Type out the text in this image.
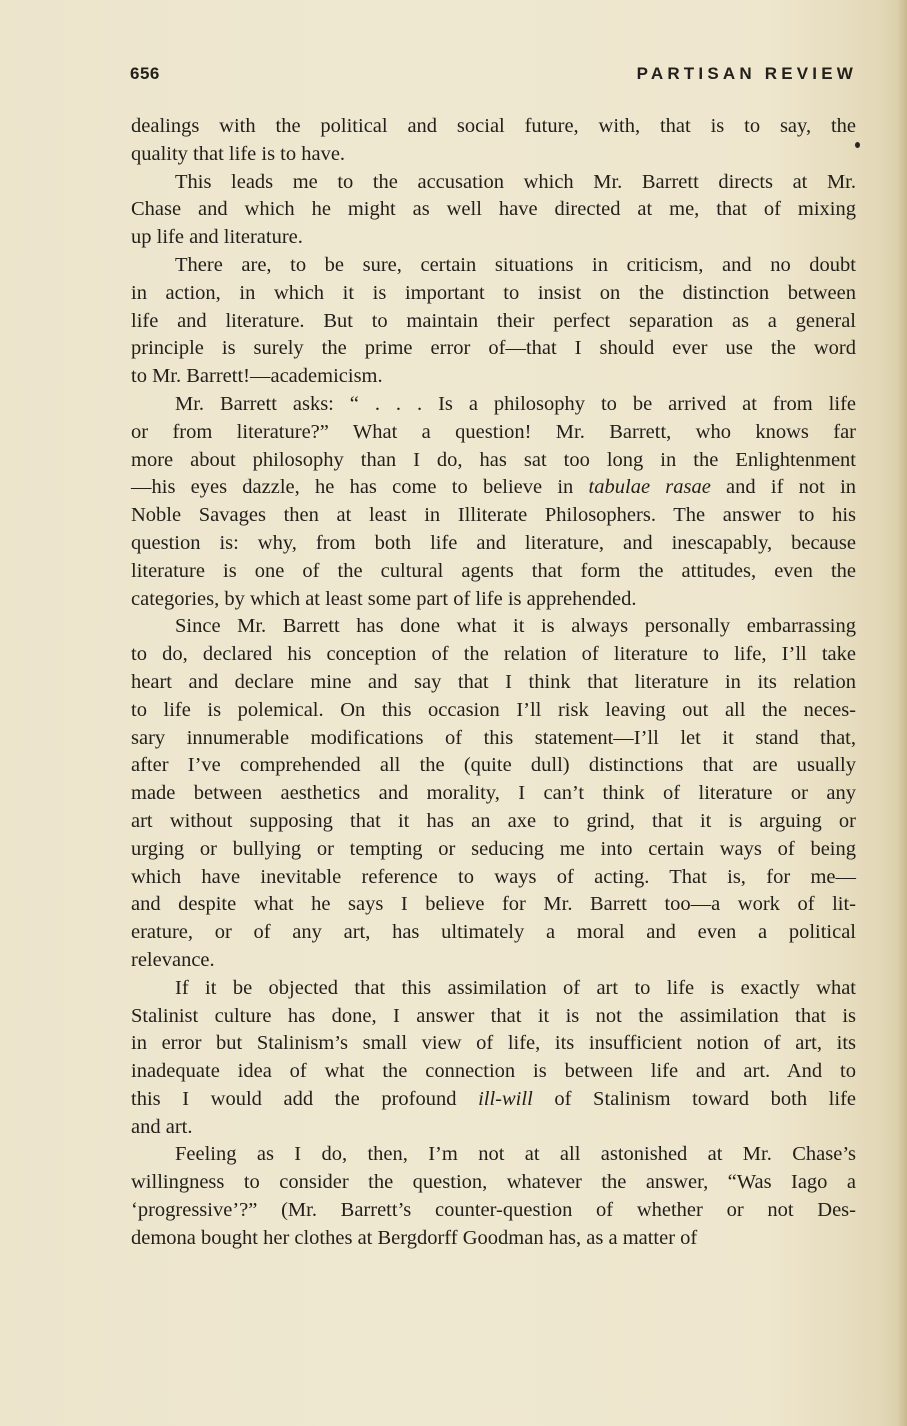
656	PARTISAN REVIEW

dealings with the political and social future, with, that is to say, the
quality that life is to have.

This leads me to the accusation which Mr. Barrett directs at Mr.
Chase and which he might as well have directed at me, that of mixing
up life and literature.

There are, to be sure, certain situations in criticism, and no doubt
in action, in which it is important to insist on the distinction between
life and literature. But to maintain their perfect separation as a general
principle is surely the prime error of—that I should ever use the word
to Mr. Barrett!—academicism.

Mr. Barrett asks: “ . . . Is a philosophy to be arrived at from life
or from literature?” What a question! Mr. Barrett, who knows far
more about philosophy than I do, has sat too long in the Enlightenment
—his eyes dazzle, he has come to believe in tabulae rasae and if not in
Noble Savages then at least in Illiterate Philosophers. The answer to his
question is: why, from both life and literature, and inescapably, because
literature is one of the cultural agents that form the attitudes, even the
categories, by which at least some part of life is apprehended.

Since Mr. Barrett has done what it is always personally embarrassing
to do, declared his conception of the relation of literature to life, I’ll take
heart and declare mine and say that I think that literature in its relation
to life is polemical. On this occasion I’ll risk leaving out all the neces-
sary innumerable modifications of this statement—I’ll let it stand that,
after I’ve comprehended all the (quite dull) distinctions that are usually
made between aesthetics and morality, I can’t think of literature or any
art without supposing that it has an axe to grind, that it is arguing or
urging or bullying or tempting or seducing me into certain ways of being
which have inevitable reference to ways of acting. That is, for me—
and despite what he says I believe for Mr. Barrett too—a work of lit-
erature, or of any art, has ultimately a moral and even a political
relevance.

If it be objected that this assimilation of art to life is exactly what
Stalinist culture has done, I answer that it is not the assimilation that is
in error but Stalinism’s small view of life, its insufficient notion of art, its
inadequate idea of what the connection is between life and art. And to
this I would add the profound ill-will of Stalinism toward both life
and art.

Feeling as I do, then, I’m not at all astonished at Mr. Chase’s
willingness to consider the question, whatever the answer, “Was Iago a
‘progressive’?” (Mr. Barrett’s counter-question of whether or not Des-
demona bought her clothes at Bergdorff Goodman has, as a matter of
